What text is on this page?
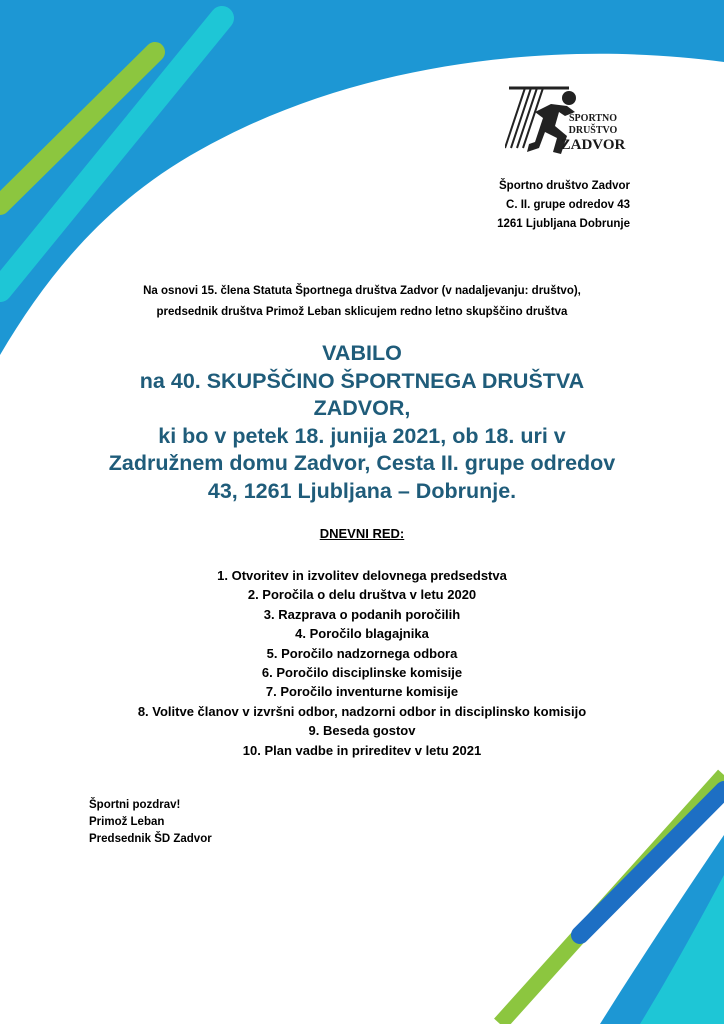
ŠPORTNO
DRUŠTVO
ZADVOR
Športno društvo Zadvor
C. II. grupe odredov 43
1261 Ljubljana Dobrunje
Na osnovi 15. člena Statuta Športnega društva Zadvor (v nadaljevanju: društvo),
predsednik društva Primož Leban sklicujem redno letno skupščino društva
VABILO
na 40. SKUPŠČINO ŠPORTNEGA DRUŠTVA
ZADVOR,
ki bo v petek 18. junija 2021, ob 18. uri v
Zadružnem domu Zadvor, Cesta II. grupe odredov
43, 1261 Ljubljana – Dobrunje.
DNEVNI RED:
1. Otvoritev in izvolitev delovnega predsedstva
2. Poročila o delu društva v letu 2020
3. Razprava o podanih poročilih
4. Poročilo blagajnika
5. Poročilo nadzornega odbora
6. Poročilo disciplinske komisije
7. Poročilo inventurne komisije
8. Volitve članov v izvršni odbor, nadzorni odbor in disciplinsko komisijo
9. Beseda gostov
10. Plan vadbe in prireditev v letu 2021
Športni pozdrav!
Primož Leban
Predsednik ŠD Zadvor
